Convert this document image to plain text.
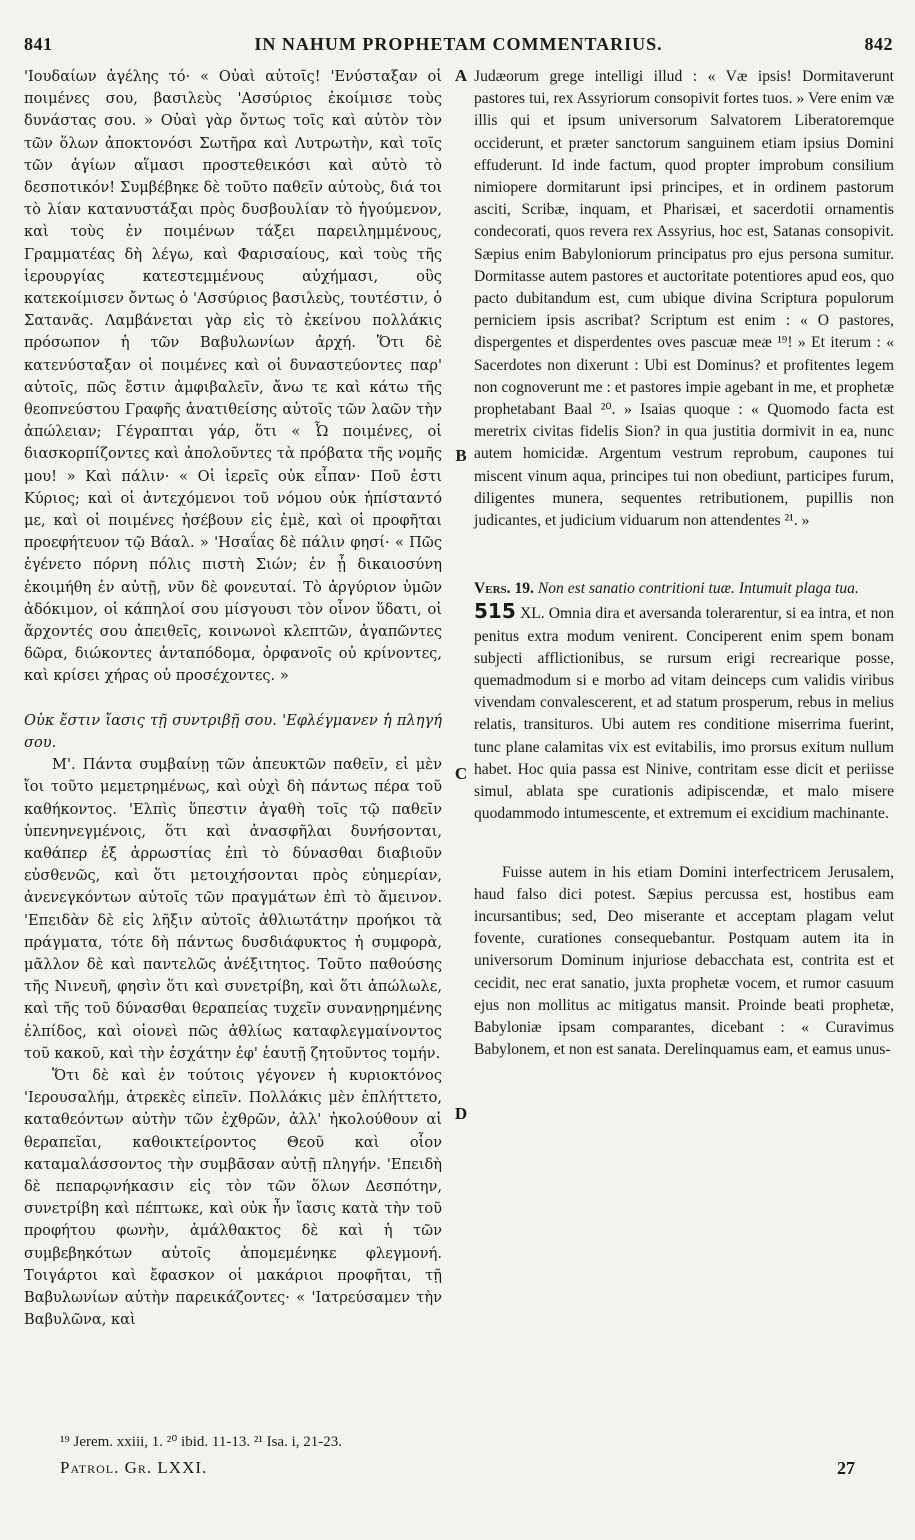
841	IN NAHUM PROPHETAM COMMENTARIUS.	842

'Ιουδαίων ἀγέλης τό· « Οὐαὶ αὐτοῖς! 'Ενύσταξαν οἱ ποιμένες σου, βασιλεὺς 'Ασσύριος ἐκοίμισε τοὺς δυνάστας σου. » Οὐαὶ γὰρ ὄντως τοῖς καὶ αὐτὸν τὸν τῶν ὅλων ἀποκτονόσι Σωτῆρα καὶ Λυτρωτὴν, καὶ τοῖς τῶν ἁγίων αἵμασι προστεθεικόσι καὶ αὐτὸ τὸ δεσποτικόν! Συμβέβηκε δὲ τοῦτο παθεῖν αὐτοὺς, διά τοι τὸ λίαν κατανυστάξαι πρὸς δυσβουλίαν τὸ ἡγούμενον, καὶ τοὺς ἐν ποιμένων τάξει παρειλημμένους, Γραμματέας δὴ λέγω, καὶ Φαρισαίους, καὶ τοὺς τῆς ἱερουργίας κατεστεμμένους αὐχήμασι, οὓς κατεκοίμισεν ὄντως ὁ 'Ασσύριος βασιλεὺς, τουτέστιν, ὁ Σατανᾶς. Λαμβάνεται γὰρ εἰς τὸ ἐκείνου πολλάκις πρόσωπον ἡ τῶν Βαβυλωνίων ἀρχή. Ὅτι δὲ κατενύσταξαν οἱ ποιμένες καὶ οἱ δυναστεύοντες παρ' αὐτοῖς, πῶς ἔστιν ἀμφιβαλεῖν, ἄνω τε καὶ κάτω τῆς θεοπνεύστου Γραφῆς ἀνατιθείσης αὐτοῖς τῶν λαῶν τὴν ἀπώλειαν; Γέγραπται γάρ, ὅτι « Ὦ ποιμένες, οἱ διασκορπίζοντες καὶ ἀπολοῦντες τὰ πρόβατα τῆς νομῆς μου! » Καὶ πάλιν· « Οἱ ἱερεῖς οὐκ εἶπαν· Ποῦ ἐστι Κύριος; καὶ οἱ ἀντεχόμενοι τοῦ νόμου οὐκ ἠπίσταντό με, καὶ οἱ ποιμένες ἠσέβουν εἰς ἐμὲ, καὶ οἱ προφῆται προεφήτευον τῷ Βάαλ. » 'Ησαΐας δὲ πάλιν φησί· « Πῶς ἐγένετο πόρνη πόλις πιστὴ Σιών; ἐν ᾗ δικαιοσύνη ἐκοιμήθη ἐν αὐτῇ, νῦν δὲ φονευταί. Τὸ ἀργύριον ὑμῶν ἀδόκιμον, οἱ κάπηλοί σου μίσγουσι τὸν οἶνον ὕδατι, οἱ ἄρχοντές σου ἀπειθεῖς, κοινωνοὶ κλεπτῶν, ἀγαπῶντες δῶρα, διώκοντες ἀνταπόδομα, ὀρφανοῖς οὐ κρίνοντες, καὶ κρίσει χήρας οὐ προσέχοντες. »

Οὐκ ἔστιν ἴασις τῇ συντριβῇ σου. 'Εφλέγμανεν ἡ πληγή σου.

Μ'. Πάντα συμβαίνῃ τῶν ἀπευκτῶν παθεῖν, εἰ μὲν ἴοι τοῦτο μεμετρημένως, καὶ οὐχὶ δὴ πάντως πέρα τοῦ καθήκοντος. 'Ελπὶς ὕπεστιν ἀγαθὴ τοῖς τῷ παθεῖν ὑπενηνεγμένοις, ὅτι καὶ ἀνασφῆλαι δυνήσονται, καθάπερ ἐξ ἀρρωστίας ἐπὶ τὸ δύνασθαι διαβιοῦν εὐσθενῶς, καὶ ὅτι μετοιχήσονται πρὸς εὐημερίαν, ἀνενεγκόντων αὐτοῖς τῶν πραγμάτων ἐπὶ τὸ ἄμεινον. 'Επειδὰν δὲ εἰς λῆξιν αὐτοῖς ἀθλιωτάτην προήκοι τὰ πράγματα, τότε δὴ πάντως δυσδιάφυκτος ἡ συμφορὰ, μᾶλλον δὲ καὶ παντελῶς ἀνέξιτητος. Τοῦτο παθούσης τῆς Νινευῆ, φησὶν ὅτι καὶ συνετρίβη, καὶ ὅτι ἀπώλωλε, καὶ τῆς τοῦ δύνασθαι θεραπείας τυχεῖν συνανῃρημένης ἐλπίδος, καὶ οἱονεὶ πῶς ἀθλίως καταφλεγμαίνοντος τοῦ κακοῦ, καὶ τὴν ἐσχάτην ἐφ' ἑαυτῇ ζητοῦντος τομήν.

Ὅτι δὲ καὶ ἐν τούτοις γέγονεν ἡ κυριοκτόνος 'Ιερουσαλήμ, ἀτρεκὲς εἰπεῖν. Πολλάκις μὲν ἐπλήττετο, καταθεόντων αὐτὴν τῶν ἐχθρῶν, ἀλλ' ἠκολούθουν αἱ θεραπεῖαι, καθοικτείροντος Θεοῦ καὶ οἷον καταμαλάσσοντος τὴν συμβᾶσαν αὐτῇ πληγήν. 'Επειδὴ δὲ πεπαρῳνήκασιν εἰς τὸν τῶν ὅλων Δεσπότην, συνετρίβη καὶ πέπτωκε, καὶ οὐκ ἦν ἴασις κατὰ τὴν τοῦ προφήτου φωνὴν, ἀμάλθακτος δὲ καὶ ἡ τῶν συμβεβηκότων αὐτοῖς ἀπομεμένηκε φλεγμονή. Τοιγάρτοι καὶ ἔφασκον οἱ μακάριοι προφῆται, τῇ Βαβυλωνίων αὐτὴν παρεικάζοντες· « 'Ιατρεύσαμεν τὴν Βαβυλῶνα, καὶ

A
B
C
D

Judæorum grege intelligi illud : « Væ ipsis! Dormitaverunt pastores tui, rex Assyriorum consopivit fortes tuos. » Vere enim væ illis qui et ipsum universorum Salvatorem Liberatoremque occiderunt, et præter sanctorum sanguinem etiam ipsius Domini effuderunt. Id inde factum, quod propter improbum consilium nimiopere dormitarunt ipsi principes, et in ordinem pastorum asciti, Scribæ, inquam, et Pharisæi, et sacerdotii ornamentis condecorati, quos revera rex Assyrius, hoc est, Satanas consopivit. Sæpius enim Babyloniorum principatus pro ejus persona sumitur. Dormitasse autem pastores et auctoritate potentiores apud eos, quo pacto dubitandum est, cum ubique divina Scriptura populorum perniciem ipsis ascribat? Scriptum est enim : « O pastores, dispergentes et disperdentes oves pascuæ meæ ¹⁹! » Et iterum : « Sacerdotes non dixerunt : Ubi est Dominus? et profitentes legem non cognoverunt me : et pastores impie agebant in me, et prophetæ prophetabant Baal ²⁰. » Isaias quoque : « Quomodo facta est meretrix civitas fidelis Sion? in qua justitia dormivit in ea, nunc autem homicidæ. Argentum vestrum reprobum, caupones tui miscent vinum aqua, principes tui non obediunt, participes furum, diligentes munera, sequentes retributionem, pupillis non judicantes, et judicium viduarum non attendentes ²¹. »

Vers. 19. Non est sanatio contritioni tuæ. Intumuit plaga tua.

515 XL. Omnia dira et aversanda tolerarentur, si ea intra, et non penitus extra modum venirent. Conciperent enim spem bonam subjecti afflictionibus, se rursum erigi recrearique posse, quemadmodum si e morbo ad vitam deinceps cum validis viribus vivendam convalescerent, et ad statum prosperum, rebus in melius relatis, transituros. Ubi autem res conditione miserrima fuerint, tunc plane calamitas vix est evitabilis, imo prorsus exitum nullum habet. Hoc quia passa est Ninive, contritam esse dicit et periisse simul, ablata spe curationis adipiscendæ, et malo misere quodammodo intumescente, et extremum ei excidium machinante.

Fuisse autem in his etiam Domini interfectricem Jerusalem, haud falso dici potest. Sæpius percussa est, hostibus eam incursantibus; sed, Deo miserante et acceptam plagam velut fovente, curationes consequebantur. Postquam autem ita in universorum Dominum injuriose debacchata est, contrita est et cecidit, nec erat sanatio, juxta prophetæ vocem, et rumor casuum ejus non mollitus ac mitigatus mansit. Proinde beati prophetæ, Babyloniæ ipsam comparantes, dicebant : « Curavimus Babylonem, et non est sanata. Derelinquamus eam, et eamus unus-

¹⁹ Jerem. xxiii, 1. ²⁰ ibid. 11-13. ²¹ Isa. i, 21-23.
Patrol. Gr. LXXI.	27
